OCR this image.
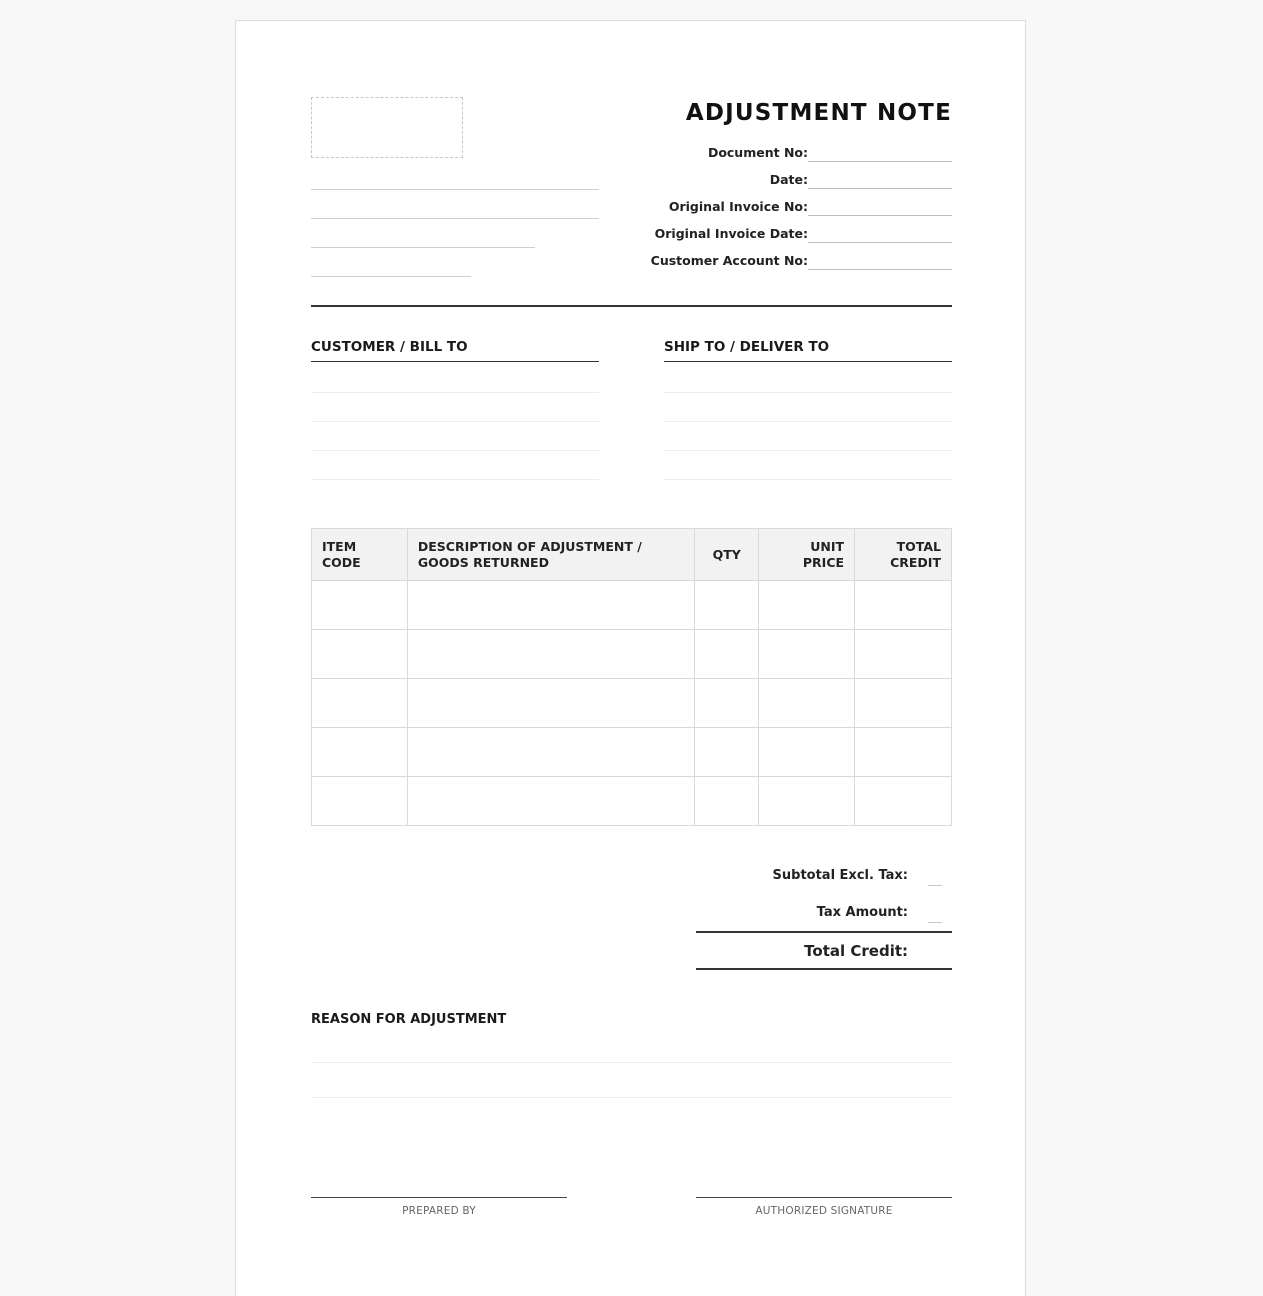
ADJUSTMENT NOTE
Document No:
Date:
Original Invoice No:
Original Invoice Date:
Customer Account No:
CUSTOMER / BILL TO	SHIP TO / DELIVER TO
ITEM CODE	DESCRIPTION OF ADJUSTMENT / GOODS RETURNED	QTY	UNIT PRICE	TOTAL CREDIT

Subtotal Excl. Tax:
Tax Amount:
Total Credit:
REASON FOR ADJUSTMENT
PREPARED BY	AUTHORIZED SIGNATURE
